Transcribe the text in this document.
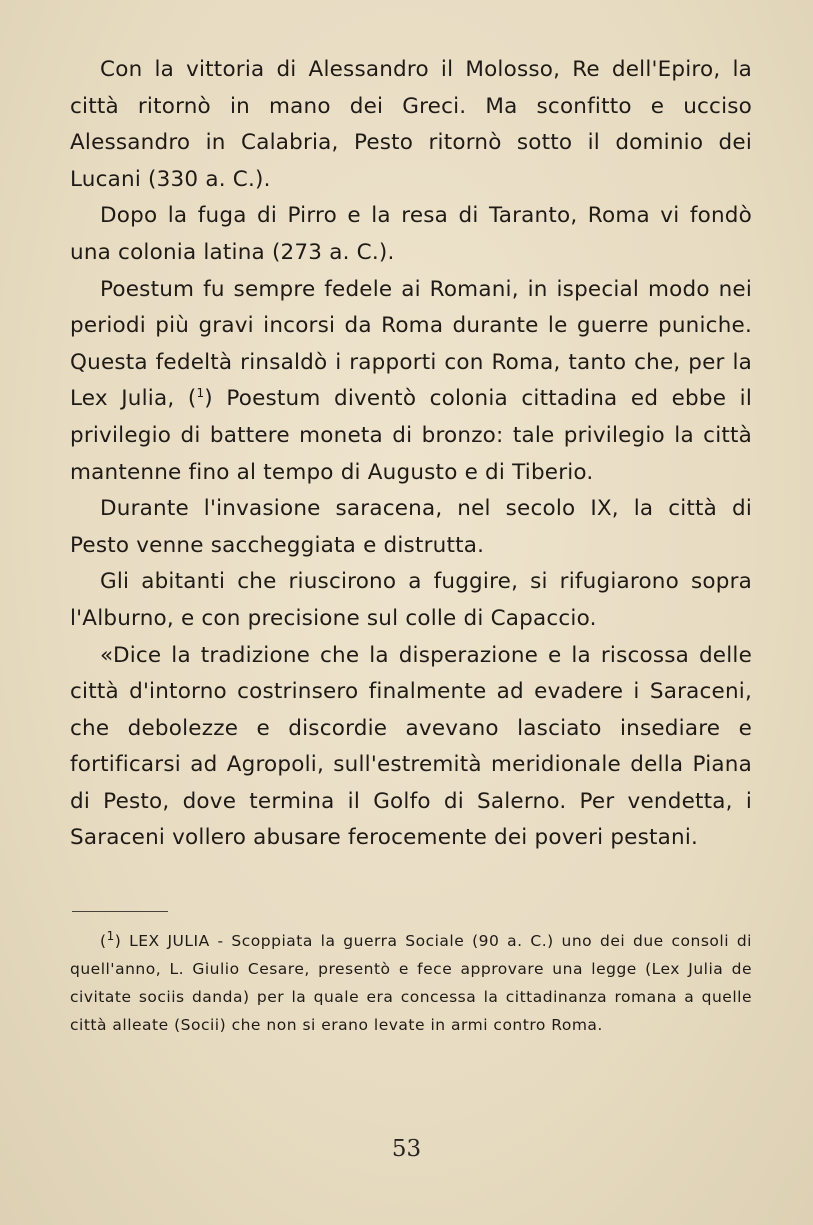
Con la vittoria di Alessandro il Molosso, Re dell'Epiro, la città ritornò in mano dei Greci. Ma sconfitto e ucciso Alessandro in Calabria, Pesto ritornò sotto il dominio dei Lucani (330 a. C.).

Dopo la fuga di Pirro e la resa di Taranto, Roma vi fondò una colonia latina (273 a. C.).

Poestum fu sempre fedele ai Romani, in ispecial modo nei periodi più gravi incorsi da Roma durante le guerre puniche. Questa fedeltà rinsaldò i rapporti con Roma, tanto che, per la Lex Julia, ($^1$) Poestum diventò colonia cittadina ed ebbe il privilegio di battere moneta di bronzo: tale privilegio la città mantenne fino al tempo di Augusto e di Tiberio.

Durante l'invasione saracena, nel secolo IX, la città di Pesto venne saccheggiata e distrutta.

Gli abitanti che riuscirono a fuggire, si rifugiarono sopra l'Alburno, e con precisione sul colle di Capaccio.

«Dice la tradizione che la disperazione e la riscossa delle città d'intorno costrinsero finalmente ad evadere i Saraceni, che debolezze e discordie avevano lasciato insediare e fortificarsi ad Agropoli, sull'estremità meridionale della Piana di Pesto, dove termina il Golfo di Salerno. Per vendetta, i Saraceni vollero abusare ferocemente dei poveri pestani.

($^1$) LEX JULIA - Scoppiata la guerra Sociale (90 a. C.) uno dei due consoli di quell'anno, L. Giulio Cesare, presentò e fece approvare una legge (Lex Julia de civitate sociis danda) per la quale era concessa la cittadinanza romana a quelle città alleate (Socii) che non si erano levate in armi contro Roma.

53
